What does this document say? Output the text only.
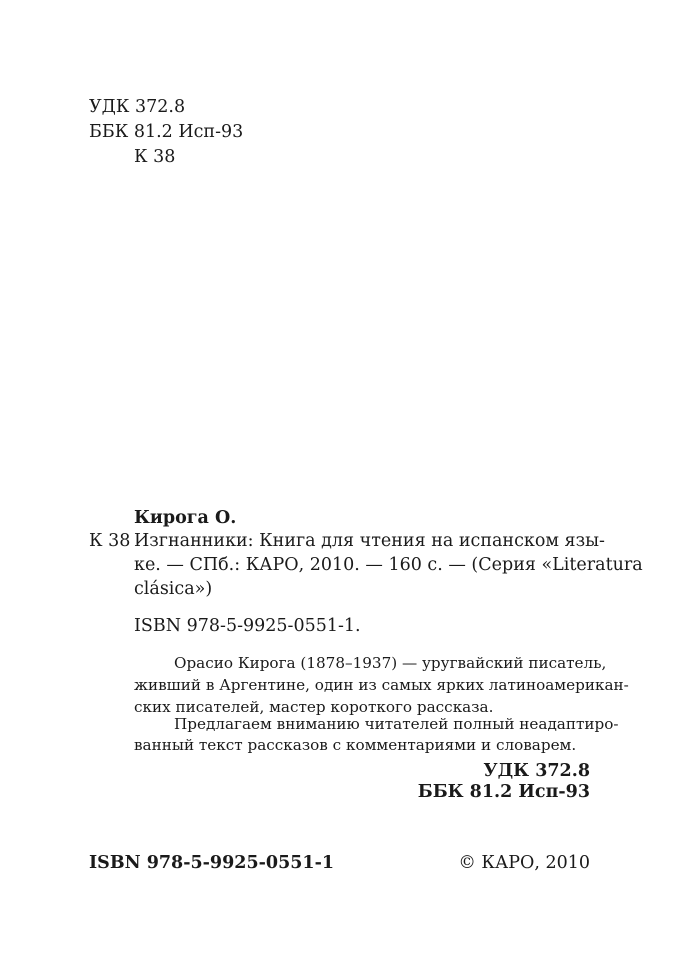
УДК 372.8
ББК 81.2 Исп-93
К 38
Кирога О.
К 38 Изгнанники: Книга для чтения на испанском язы-
ке. — СПб.: КАРО, 2010. — 160 с. — (Серия «Literatura
clásica»)
ISBN 978-5-9925-0551-1.
Орасио Кирога (1878–1937) — уругвайский писатель,
живший в Аргентине, один из самых ярких латиноамерикан-
ских писателей, мастер короткого рассказа.
Предлагаем вниманию читателей полный неадаптиро-
ванный текст рассказов с комментариями и словарем.
УДК 372.8
ББК 81.2 Исп-93
ISBN 978-5-9925-0551-1	© КАРО, 2010
